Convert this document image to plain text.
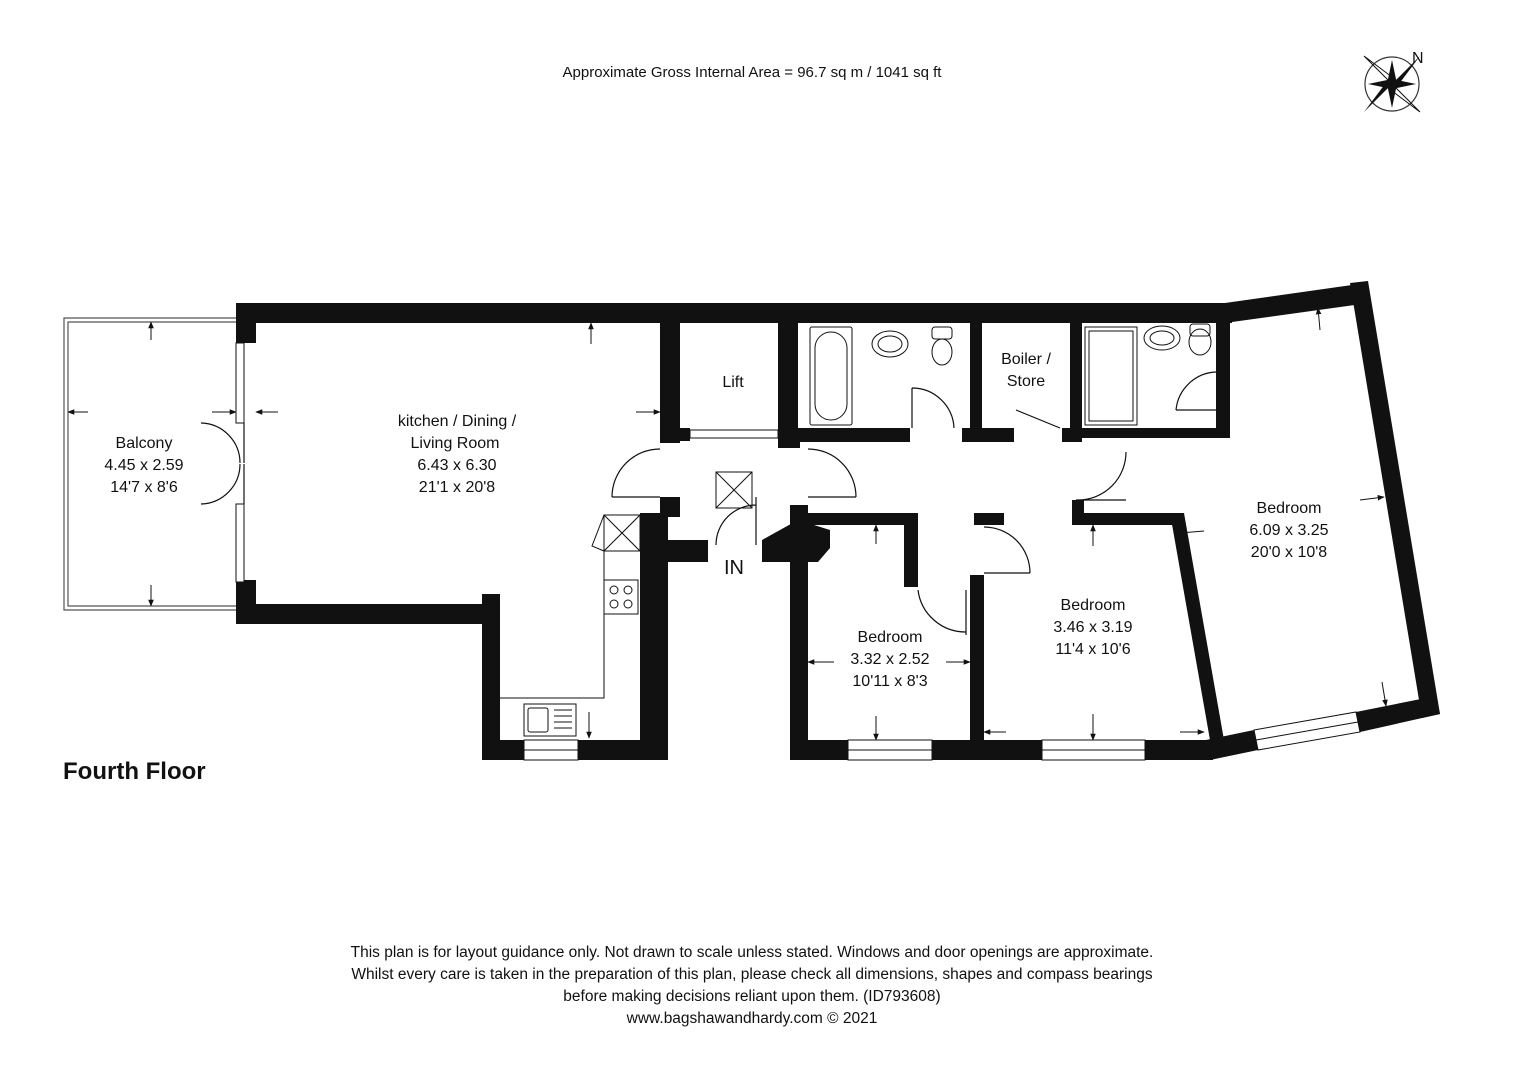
Approximate Gross Internal Area = 96.7 sq m / 1041 sq ft
N
Balcony
4.45 x 2.59
14'7 x 8'6
kitchen / Dining /
Living Room
6.43 x 6.30
21'1 x 20'8
Lift
Boiler /
Store
Bedroom
3.32 x 2.52
10'11 x 8'3
Bedroom
3.46 x 3.19
11'4 x 10'6
Bedroom
6.09 x 3.25
20'0 x 10'8
IN
Fourth Floor
This plan is for layout guidance only. Not drawn to scale unless stated. Windows and door openings are approximate.
Whilst every care is taken in the preparation of this plan, please check all dimensions, shapes and compass bearings
before making decisions reliant upon them. (ID793608)
www.bagshawandhardy.com © 2021
